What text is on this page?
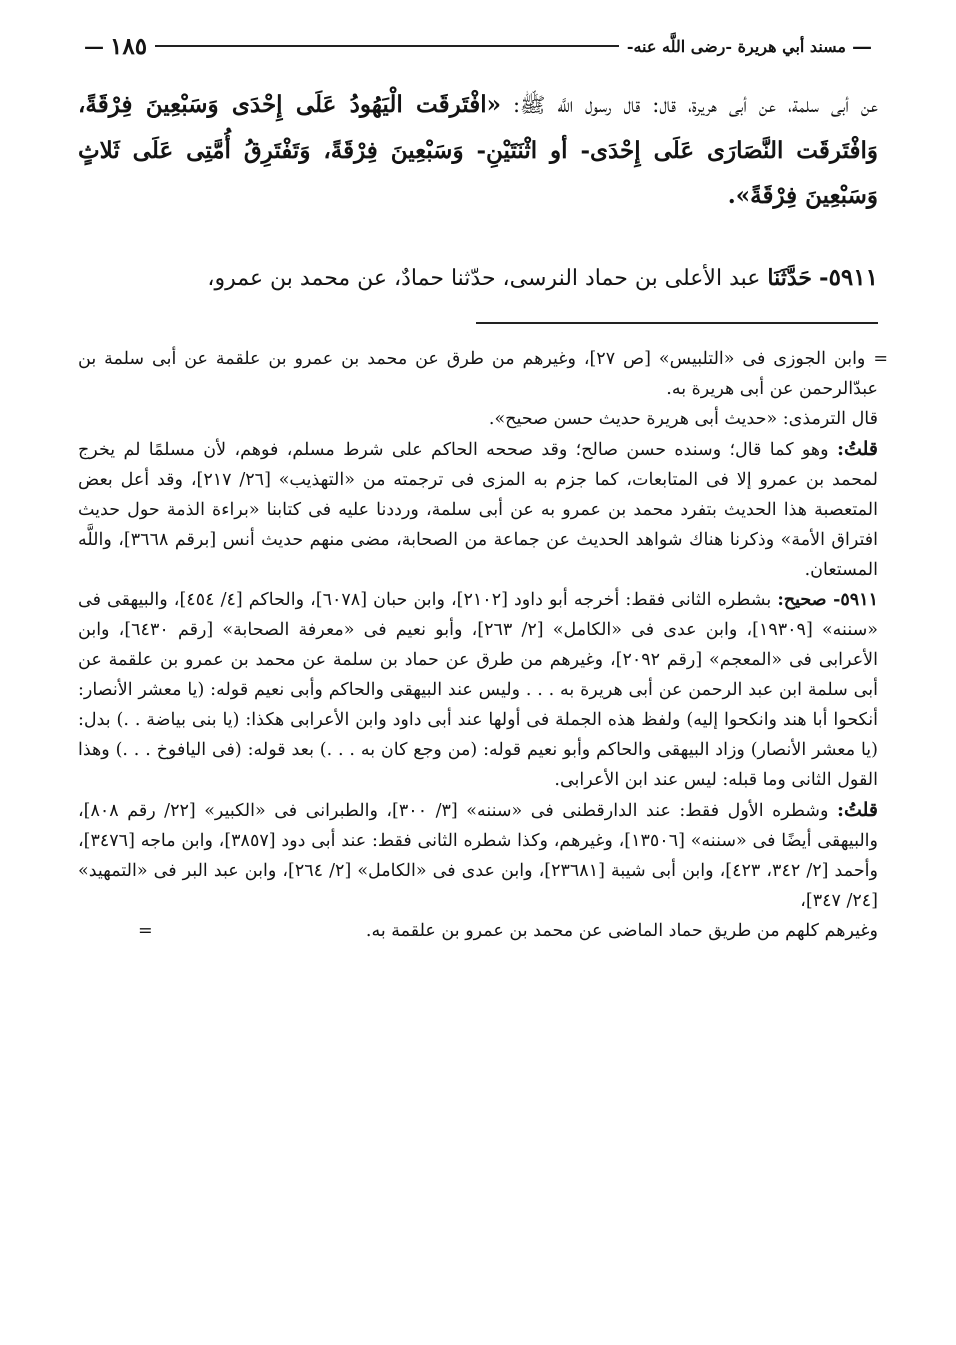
— ١٨٥	مسند أبي هريرة -رضى اللَّه عنه- —
عن أبى سلمة، عن أبى هريرة، قال: قال رسول اللَّه ﷺ: «افْتَرقَت الْيَهُودُ عَلَى إِحْدَى وَسَبْعِينَ فِرْقَةً، وَافْتَرقَت النَّصَارَى عَلَى إِحْدَى- أو اثْنَتَيْنِ- وَسَبْعِينَ فِرْقَةً، وَتَفْتَرِقُ أُمَّتِى عَلَى ثَلاثٍ وَسَبْعِينَ فِرْقَةً».
٥٩١١- حَدَّثَنَا عبد الأعلى بن حماد النرسى، حدّثنا حمادٌ، عن محمد بن عمرو،

= وابن الجوزى فى «التلبيس» [ص ٢٧]، وغيرهم من طرق عن محمد بن عمرو بن علقمة عن أبى سلمة بن عبدّالرحمن عن أبى هريرة به.

قال الترمذى: «حديث أبى هريرة حديث حسن صحيح».

قلتُ: وهو كما قال؛ وسنده حسن صالح؛ وقد صححه الحاكم على شرط مسلم، فوهم، لأن مسلمًا لم يخرج لمحمد بن عمرو إلا فى المتابعات، كما جزم به المزى فى ترجمته من «التهذيب» [٢٦/ ٢١٧]، وقد أعل بعض المتعصبة هذا الحديث بتفرد محمد بن عمرو به عن أبى سلمة، ورددنا عليه فى كتابنا «براءة الذمة حول حديث افتراق الأمة» وذكرنا هناك شواهد الحديث عن جماعة من الصحابة، مضى منهم حديث أنس [برقم ٣٦٦٨]، واللَّه المستعان.

٥٩١١- صحيح: بشطره الثانى فقط: أخرجه أبو داود [٢١٠٢]، وابن حبان [٦٠٧٨]، والحاكم [٤/ ٤٥٤]، والبيهقى فى «سننه» [١٩٣٠٩]، وابن عدى فى «الكامل» [٢/ ٢٦٣]، وأبو نعيم فى «معرفة الصحابة» [رقم ٦٤٣٠]، وابن الأعرابى فى «المعجم» [رقم ٢٠٩٢]، وغيرهم من طرق عن حماد بن سلمة عن محمد بن عمرو بن علقمة عن أبى سلمة ابن عبد الرحمن عن أبى هريرة به . . . وليس عند البيهقى والحاكم وأبى نعيم قوله: (يا معشر الأنصار: أنكحوا أبا هند وانكحوا إليه) ولفظ هذه الجملة فى أولها عند أبى داود وابن الأعرابى هكذا: (يا بنى بياضة . .) بدل: (يا معشر الأنصار) وزاد البيهقى والحاكم وأبو نعيم قوله: (من وجع كان به . . .) بعد قوله: (فى اليافوخ . . .) وهذا القول الثانى وما قبله: ليس عند ابن الأعرابى.

قلتُ: وشطره الأول فقط: عند الدارقطنى فى «سننه» [٣/ ٣٠٠]، والطبرانى فى «الكبير» [٢٢/ رقم ٨٠٨]، والبيهقى أيضًا فى «سننه» [١٣٥٠٦]، وغيرهم، وكذا شطره الثانى فقط: عند أبى دود [٣٨٥٧]، وابن ماجه [٣٤٧٦]، وأحمد [٢/ ٣٤٢، ٤٢٣]، وابن أبى شيبة [٢٣٦٨١]، وابن عدى فى «الكامل» [٢/ ٢٦٤]، وابن عبد البر فى «التمهيد» [٢٤/ ٣٤٧]،

وغيرهم كلهم من طريق حماد الماضى عن محمد بن عمرو بن علقمة به.
=
